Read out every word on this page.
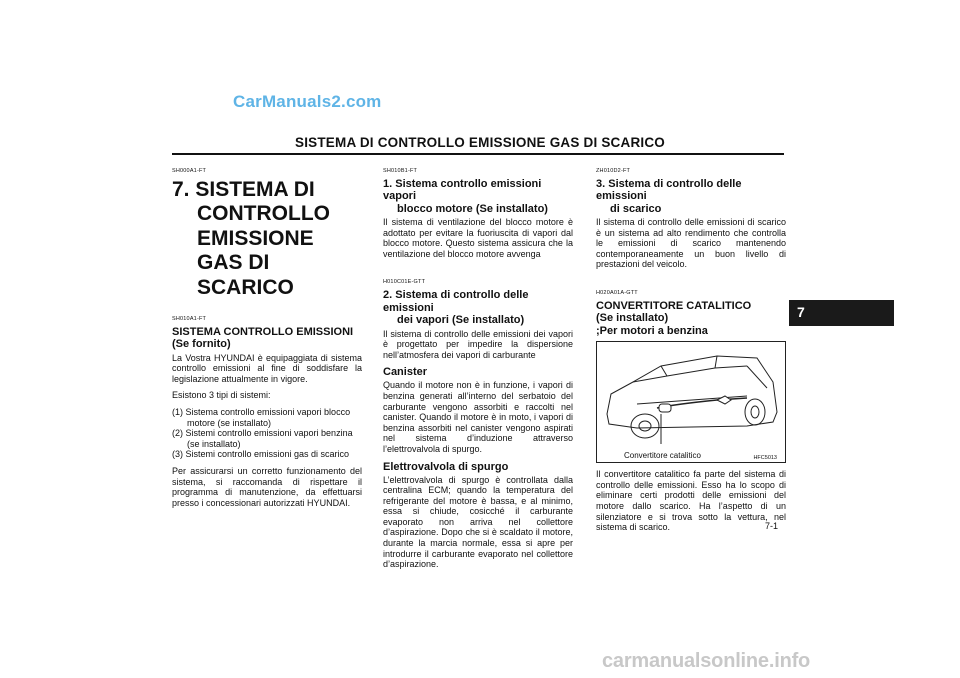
CarManuals2.com
SISTEMA DI CONTROLLO EMISSIONE GAS DI SCARICO
SH000A1-FT
7. SISTEMA DI
CONTROLLO
EMISSIONE GAS DI
SCARICO
SH010A1-FT
SISTEMA CONTROLLO EMISSIONI
(Se fornito)

La Vostra HYUNDAI è equipaggiata di sistema controllo emissioni al fine di soddisfare la legislazione attualmente in vigore.

Esistono 3 tipi di sistemi:

(1) Sistema controllo emissioni vapori blocco motore (se installato)
(2) Sistemi controllo emissioni vapori benzina (se installato)
(3) Sistemi controllo emissioni gas di scarico

Per assicurarsi un corretto funzionamento del sistema, si raccomanda di rispettare il programma di manutenzione, da effettuarsi presso i concessionari autorizzati HYUNDAI.

SH010B1-FT
1. Sistema controllo emissioni vapori
blocco motore (Se installato)

Il sistema di ventilazione del blocco motore è adottato per evitare la fuoriuscita di vapori dal blocco motore. Questo sistema assicura che la ventilazione del blocco motore avvenga

H010C01E-GTT
2. Sistema di controllo delle emissioni
dei vapori (Se installato)

Il sistema di controllo delle emissioni dei vapori è progettato per impedire la dispersione nell’atmosfera dei vapori di carburante

Canister

Quando il motore non è in funzione, i vapori di benzina generati all’interno del serbatoio del carburante vengono assorbiti e raccolti nel canister. Quando il motore è in moto, i vapori di benzina assorbiti nel canister vengono aspirati nel sistema d’induzione attraverso l’elettrovalvola di spurgo.

Elettrovalvola di spurgo

L’elettrovalvola di spurgo è controllata dalla centralina ECM; quando la temperatura del refrigerante del motore è bassa, e al minimo, essa si chiude, cosicché il carburante evaporato non arriva nel collettore d’aspirazione. Dopo che si è scaldato il motore, durante la marcia normale, essa si apre per introdurre il carburante evaporato nel collettore d’aspirazione.

ZH010D2-FT
3. Sistema di controllo delle emissioni
di scarico

Il sistema di controllo delle emissioni di scarico è un sistema ad alto rendimento che controlla le emissioni di scarico mantenendo contemporaneamente un buon livello di prestazioni del veicolo.

H020A01A-GTT
CONVERTITORE CATALITICO
(Se installato)
;Per motori a benzina
Convertitore catalitico	HFC5013

Il convertitore catalitico fa parte del sistema di controllo delle emissioni. Esso ha lo scopo di eliminare certi prodotti delle emissioni del motore dallo scarico. Ha l’aspetto di un silenziatore e si trova sotto la vettura, nel sistema di scarico.

7
7-1
carmanualsonline.info
